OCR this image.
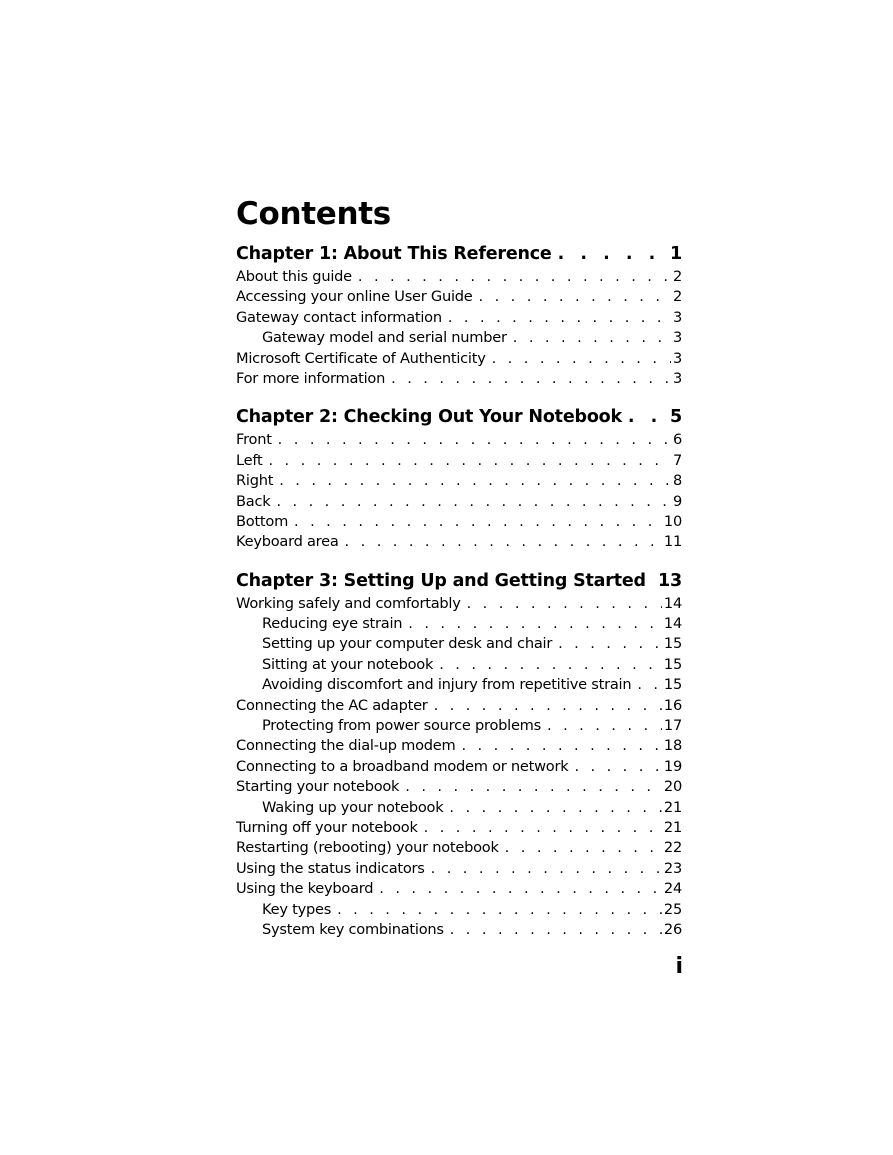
Contents
Chapter 1: About This Reference . . .	1
About this guide . . .	2
Accessing your online User Guide . . .	2
Gateway contact information . . .	3
Gateway model and serial number . . .	3
Microsoft Certificate of Authenticity . . .	3
For more information . . .	3
Chapter 2: Checking Out Your Notebook . . .	5
Front . . .	6
Left . . .	7
Right . . .	8
Back . . .	9
Bottom . . .	10
Keyboard area . . .	11
Chapter 3: Setting Up and Getting Started . . . 13
Working safely and comfortably . . .	14
Reducing eye strain . . .	14
Setting up your computer desk and chair . . .	15
Sitting at your notebook . . .	15
Avoiding discomfort and injury from repetitive strain . . . 15
Connecting the AC adapter . . .	16
Protecting from power source problems . . .	17
Connecting the dial-up modem . . .	18
Connecting to a broadband modem or network . . .	19
Starting your notebook . . .	20
Waking up your notebook . . .	21
Turning off your notebook . . .	21
Restarting (rebooting) your notebook . . .	22
Using the status indicators . . .	23
Using the keyboard . . .	24
Key types . . .	25
System key combinations . . .	26
i
